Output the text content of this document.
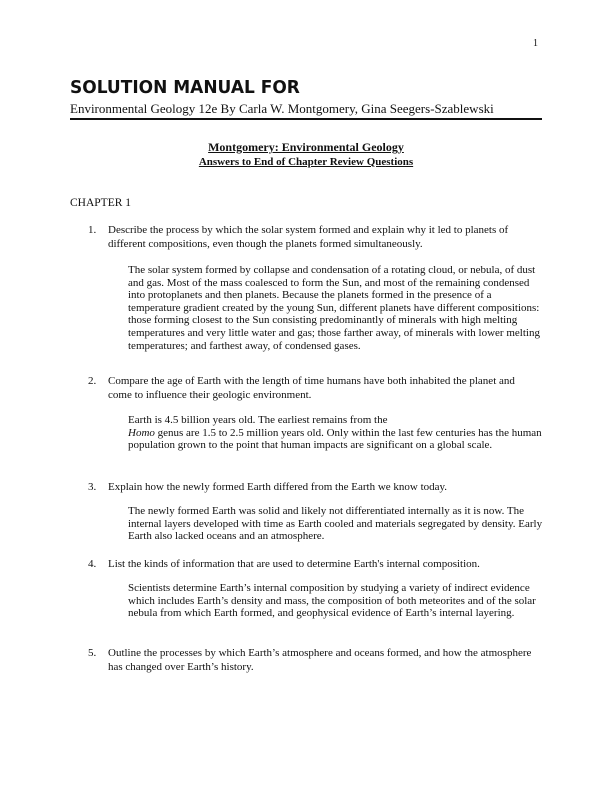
1
SOLUTION MANUAL FOR
Environmental Geology 12e By Carla W. Montgomery, Gina Seegers-Szablewski
Montgomery: Environmental Geology
Answers to End of Chapter Review Questions
CHAPTER 1
1. Describe the process by which the solar system formed and explain why it led to planets of different compositions, even though the planets formed simultaneously.
The solar system formed by collapse and condensation of a rotating cloud, or nebula, of dust and gas. Most of the mass coalesced to form the Sun, and most of the remaining condensed into protoplanets and then planets. Because the planets formed in the presence of a temperature gradient created by the young Sun, different planets have different compositions: those forming closest to the Sun consisting predominantly of minerals with high melting temperatures and very little water and gas; those farther away, of minerals with lower melting temperatures; and farthest away, of condensed gases.
2. Compare the age of Earth with the length of time humans have both inhabited the planet and come to influence their geologic environment.
Earth is 4.5 billion years old. The earliest remains from the
Homo genus are 1.5 to 2.5 million years old. Only within the last few centuries has the human population grown to the point that human impacts are significant on a global scale.
3. Explain how the newly formed Earth differed from the Earth we know today.
The newly formed Earth was solid and likely not differentiated internally as it is now. The internal layers developed with time as Earth cooled and materials segregated by density. Early Earth also lacked oceans and an atmosphere.
4. List the kinds of information that are used to determine Earth's internal composition.
Scientists determine Earth’s internal composition by studying a variety of indirect evidence which includes Earth’s density and mass, the composition of both meteorites and of the solar nebula from which Earth formed, and geophysical evidence of Earth’s internal layering.
5. Outline the processes by which Earth’s atmosphere and oceans formed, and how the atmosphere has changed over Earth’s history.
